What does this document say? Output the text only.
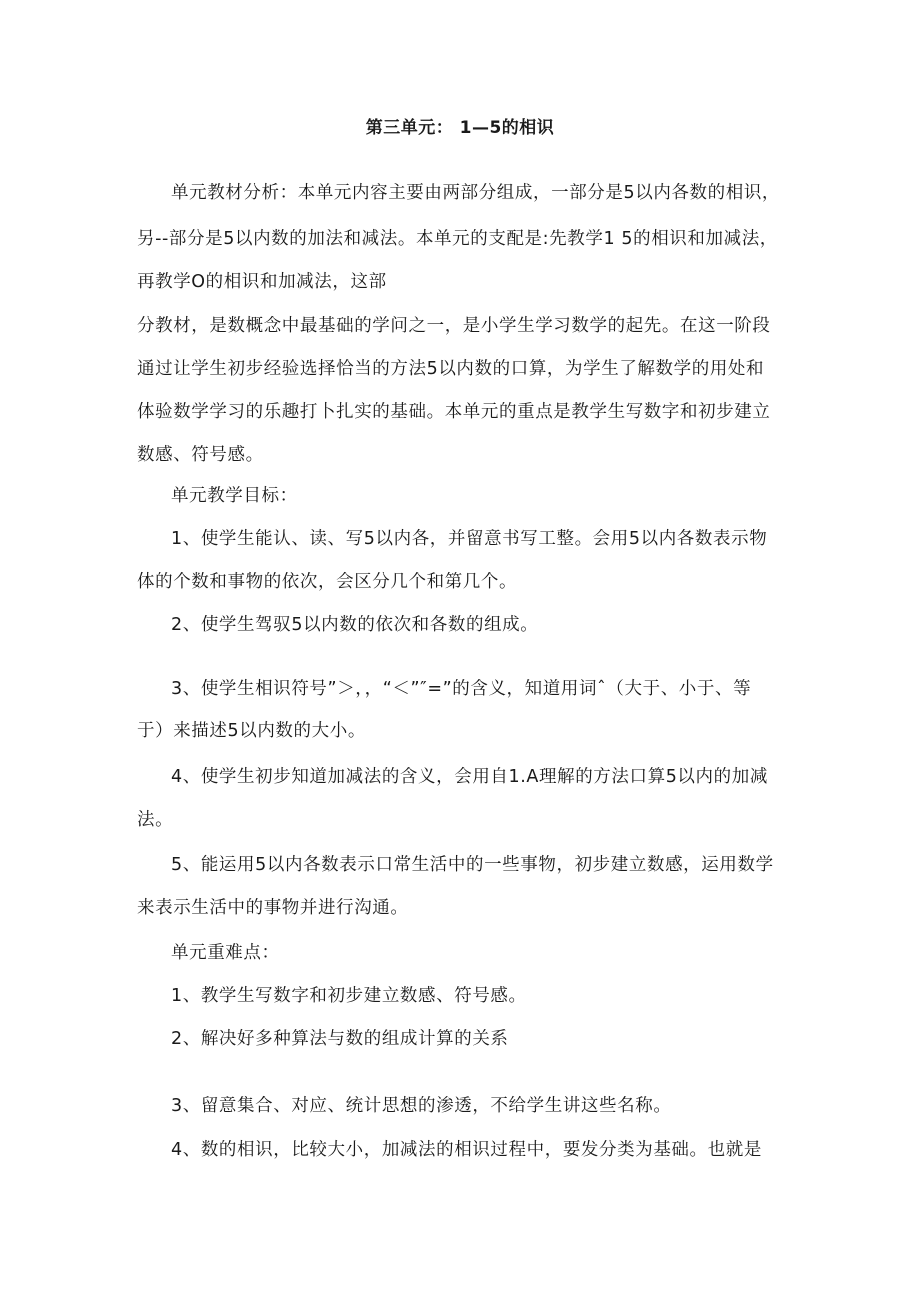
第三单元： 1—5的相识
单元教材分析：本单元内容主要由两部分组成，一部分是5以内各数的相识，
另--部分是5以内数的加法和减法。本单元的支配是:先教学1 5的相识和加减法，
再教学O的相识和加减法，这部
分教材，是数概念中最基础的学问之一，是小学生学习数学的起先。在这一阶段
通过让学生初步经验选择恰当的方法5以内数的口算，为学生了解数学的用处和
体验数学学习的乐趣打卜扎实的基础。本单元的重点是教学生写数字和初步建立
数感、符号感。
单元教学目标：
1、使学生能认、读、写5以内各，并留意书写工整。会用5以内各数表示物
体的个数和事物的依次，会区分几个和第几个。
2、使学生驾驭5以内数的依次和各数的组成。
3、使学生相识符号”＞，，“＜”″=”的含义，知道用词ˆ（大于、小于、等
于）来描述5以内数的大小。
4、使学生初步知道加减法的含义，会用自1.A理解的方法口算5以内的加减
法。
5、能运用5以内各数表示口常生活中的一些事物，初步建立数感，运用数学
来表示生活中的事物并进行沟通。
单元重难点：
1、教学生写数字和初步建立数感、符号感。
2、解决好多种算法与数的组成计算的关系
3、留意集合、对应、统计思想的渗透，不给学生讲这些名称。
4、数的相识，比较大小，加减法的相识过程中，要发分类为基础。也就是
